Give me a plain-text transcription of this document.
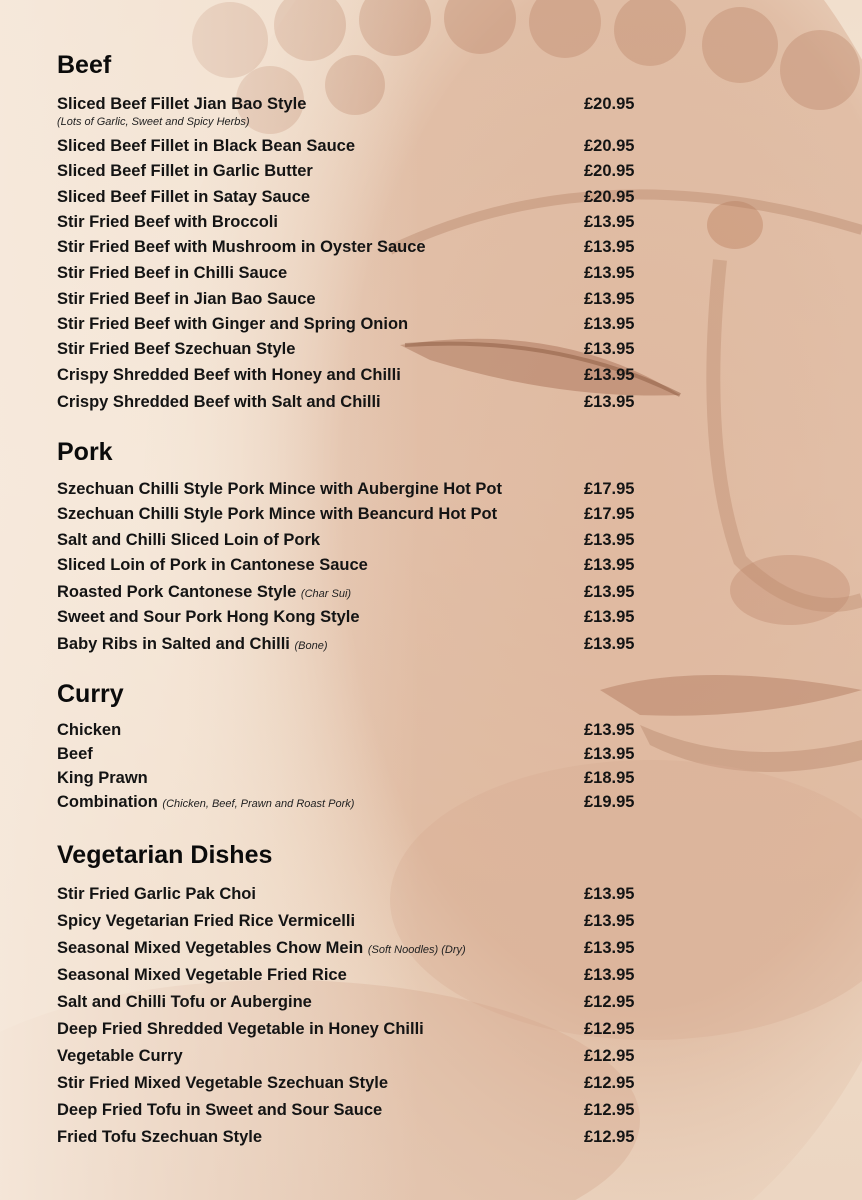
Beef
Sliced Beef Fillet Jian Bao Style	£20.95
(Lots of Garlic, Sweet and Spicy Herbs)
Sliced Beef Fillet in Black Bean Sauce	£20.95
Sliced Beef Fillet in Garlic Butter	£20.95
Sliced Beef Fillet in Satay Sauce	£20.95
Stir Fried Beef with Broccoli	£13.95
Stir Fried Beef with Mushroom in Oyster Sauce	£13.95
Stir Fried Beef in Chilli Sauce	£13.95
Stir Fried Beef in Jian Bao Sauce	£13.95
Stir Fried Beef with Ginger and Spring Onion	£13.95
Stir Fried Beef Szechuan Style	£13.95
Crispy Shredded Beef with Honey and Chilli	£13.95
Crispy Shredded Beef with Salt and Chilli	£13.95
Pork
Szechuan Chilli Style Pork Mince with Aubergine Hot Pot	£17.95
Szechuan Chilli Style Pork Mince with Beancurd Hot Pot	£17.95
Salt and Chilli Sliced Loin of Pork	£13.95
Sliced Loin of Pork in Cantonese Sauce	£13.95
Roasted Pork Cantonese Style (Char Sui)	£13.95
Sweet and Sour Pork Hong Kong Style	£13.95
Baby Ribs in Salted and Chilli (Bone)	£13.95
Curry
Chicken	£13.95
Beef	£13.95
King Prawn	£18.95
Combination (Chicken, Beef, Prawn and Roast Pork)	£19.95
Vegetarian Dishes
Stir Fried Garlic Pak Choi	£13.95
Spicy Vegetarian Fried Rice Vermicelli	£13.95
Seasonal Mixed Vegetables Chow Mein (Soft Noodles) (Dry)	£13.95
Seasonal Mixed Vegetable Fried Rice	£13.95
Salt and Chilli Tofu or Aubergine	£12.95
Deep Fried Shredded Vegetable in Honey Chilli	£12.95
Vegetable Curry	£12.95
Stir Fried Mixed Vegetable Szechuan Style	£12.95
Deep Fried Tofu in Sweet and Sour Sauce	£12.95
Fried Tofu Szechuan Style	£12.95
